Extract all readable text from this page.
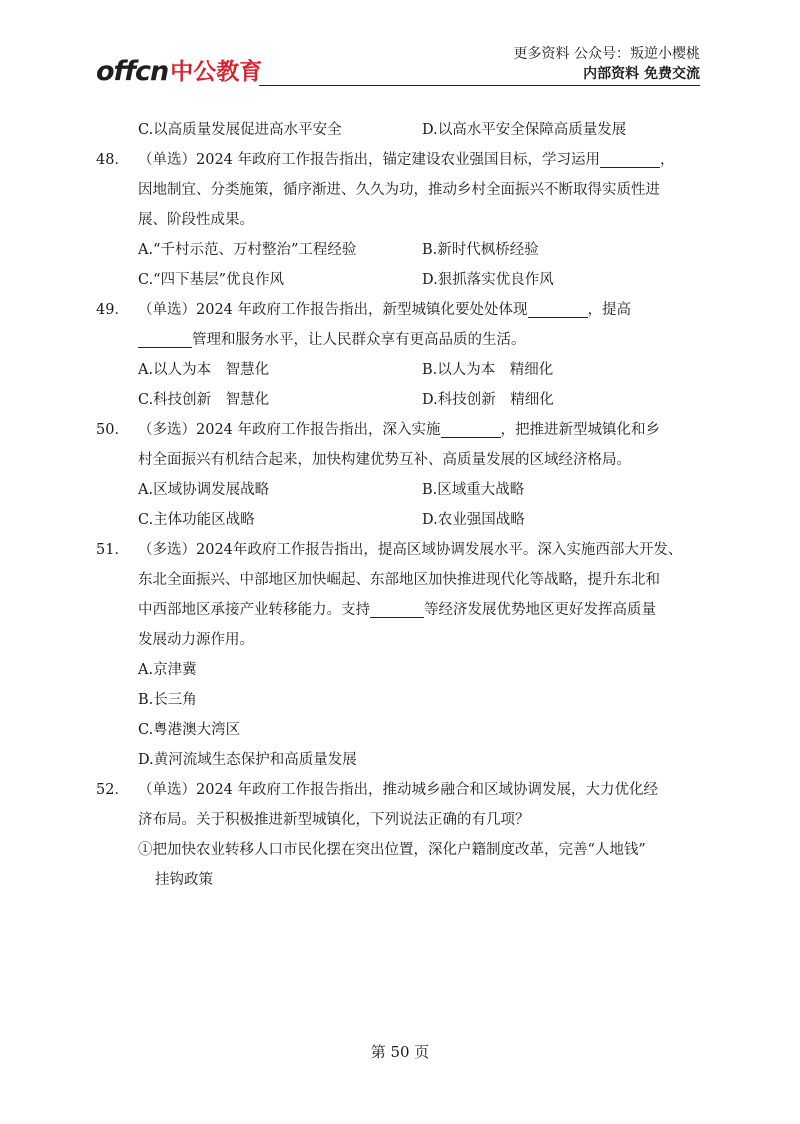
offcn 中公教育
更多资料 公众号：叛逆小樱桃
内部资料 免费交流
C.以高质量发展促进高水平安全	D.以高水平安全保障高质量发展
48． （单选）2024 年政府工作报告指出，锚定建设农业强国目标，学习运用	，
因地制宜、分类施策，循序渐进、久久为功，推动乡村全面振兴不断取得实质性进
展、阶段性成果。
A.“千村示范、万村整治”工程经验	B.新时代枫桥经验
C.“四下基层”优良作风	D.狠抓落实优良作风
49． （单选）2024 年政府工作报告指出，新型城镇化要处处体现	，提高
管理和服务水平，让人民群众享有更高品质的生活。
A.以人为本　智慧化	B.以人为本　精细化
C.科技创新　智慧化	D.科技创新　精细化
50． （多选）2024 年政府工作报告指出，深入实施	，把推进新型城镇化和乡
村全面振兴有机结合起来，加快构建优势互补、高质量发展的区域经济格局。
A.区域协调发展战略	B.区域重大战略
C.主体功能区战略	D.农业强国战略
51． （多选）2024年政府工作报告指出，提高区域协调发展水平。深入实施西部大开发、
东北全面振兴、中部地区加快崛起、东部地区加快推进现代化等战略，提升东北和
中西部地区承接产业转移能力。支持	等经济发展优势地区更好发挥高质量
发展动力源作用。
A.京津冀
B.长三角
C.粤港澳大湾区
D.黄河流域生态保护和高质量发展
52． （单选）2024 年政府工作报告指出，推动城乡融合和区域协调发展，大力优化经
济布局。关于积极推进新型城镇化，下列说法正确的有几项？
①把加快农业转移人口市民化摆在突出位置，深化户籍制度改革，完善“人地钱”
挂钩政策
第 50 页
